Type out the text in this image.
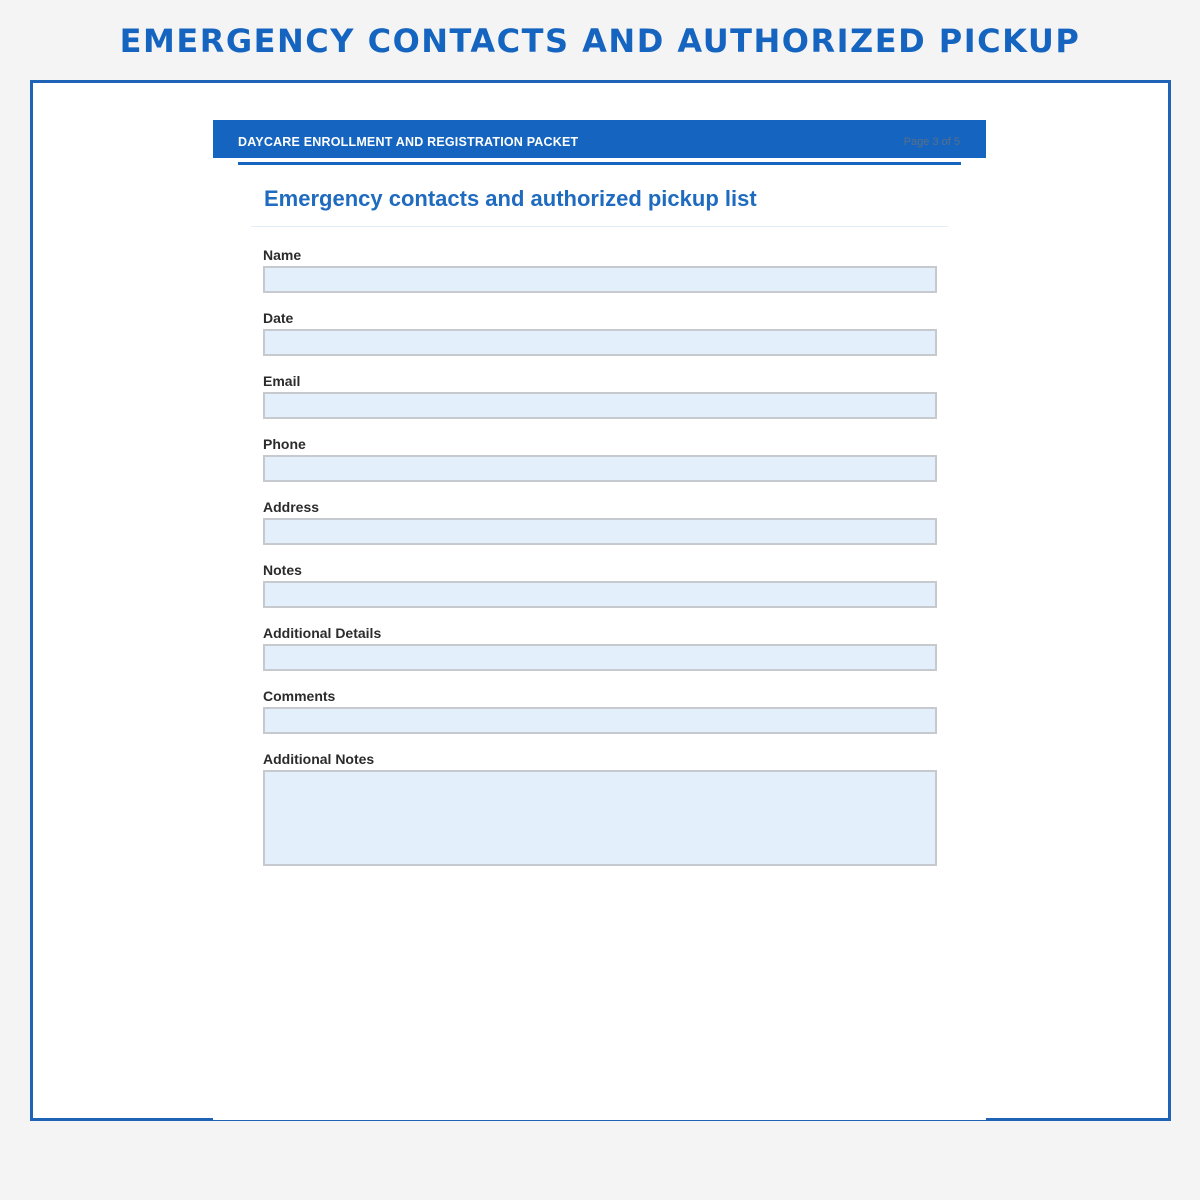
EMERGENCY CONTACTS AND AUTHORIZED PICKUP
DAYCARE ENROLLMENT AND REGISTRATION PACKET	Page 3 of 5
Emergency contacts and authorized pickup list
Name
Date
Email
Phone
Address
Notes
Additional Details
Comments
Additional Notes
